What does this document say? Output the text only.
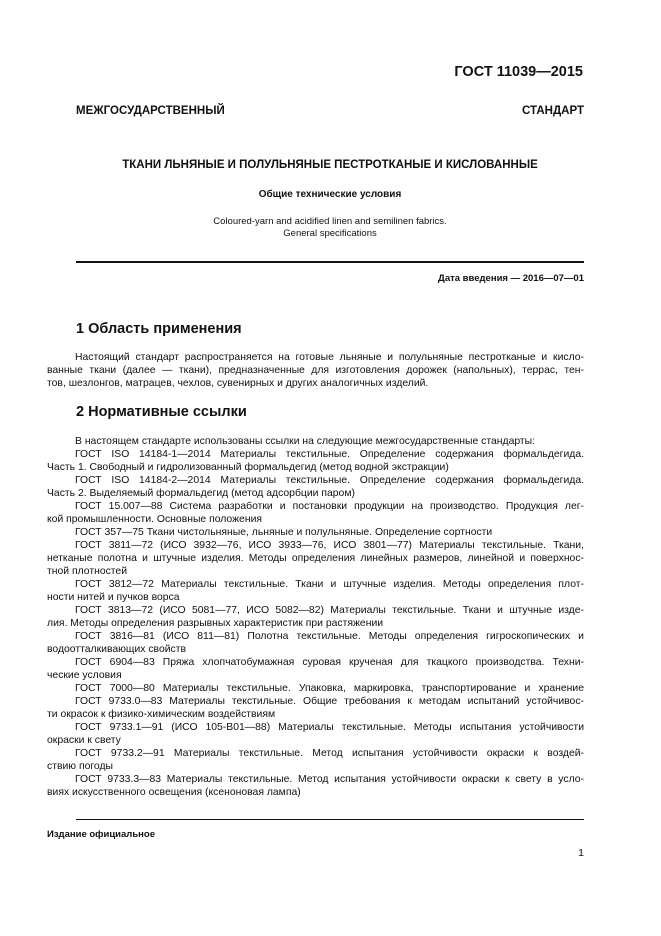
ГОСТ 11039—2015
МЕЖГОСУДАРСТВЕННЫЙ СТАНДАРТ
ТКАНИ ЛЬНЯНЫЕ И ПОЛУЛЬНЯНЫЕ ПЕСТРОТКАНЫЕ И КИСЛОВАННЫЕ
Общие технические условия
Coloured-yarn and acidified linen and semilinen fabrics.
General specifications
Дата введения — 2016—07—01
1 Область применения
Настоящий стандарт распространяется на готовые льняные и полульняные пестротканые и кисло-
ванные ткани (далее — ткани), предназначенные для изготовления дорожек (напольных), террас, тен-
тов, шезлонгов, матрацев, чехлов, сувенирных и других аналогичных изделий.
2 Нормативные ссылки
В настоящем стандарте использованы ссылки на следующие межгосударственные стандарты:
ГОСТ ISO 14184-1—2014 Материалы текстильные. Определение содержания формальдегида.
Часть 1. Свободный и гидролизованный формальдегид (метод водной экстракции)
ГОСТ ISO 14184-2—2014 Материалы текстильные. Определение содержания формальдегида.
Часть 2. Выделяемый формальдегид (метод адсорбции паром)
ГОСТ 15.007—88 Система разработки и постановки продукции на производство. Продукция лег-
кой промышленности. Основные положения
ГОСТ 357—75 Ткани чистольняные, льняные и полульняные. Определение сортности
ГОСТ 3811—72 (ИСО 3932—76, ИСО 3933—76, ИСО 3801—77) Материалы текстильные. Ткани,
нетканые полотна и штучные изделия. Методы определения линейных размеров, линейной и поверхнос-
тной плотностей
ГОСТ 3812—72 Материалы текстильные. Ткани и штучные изделия. Методы определения плот-
ности нитей и пучков ворса
ГОСТ 3813—72 (ИСО 5081—77, ИСО 5082—82) Материалы текстильные. Ткани и штучные изде-
лия. Методы определения разрывных характеристик при растяжении
ГОСТ 3816—81 (ИСО 811—81) Полотна текстильные. Методы определения гигроскопических и
водоотталкивающих свойств
ГОСТ 6904—83 Пряжа хлопчатобумажная суровая крученая для ткацкого производства. Техни-
ческие условия
ГОСТ 7000—80 Материалы текстильные. Упаковка, маркировка, транспортирование и хранение
ГОСТ 9733.0—83 Материалы текстильные. Общие требования к методам испытаний устойчивос-
ти окрасок к физико-химическим воздействиям
ГОСТ 9733.1—91 (ИСО 105-B01—88) Материалы текстильные. Методы испытания устойчивости
окраски к свету
ГОСТ 9733.2—91 Материалы текстильные. Метод испытания устойчивости окраски к воздей-
ствию погоды
ГОСТ 9733.3—83 Материалы текстильные. Метод испытания устойчивости окраски к свету в усло-
виях искусственного освещения (ксеноновая лампа)
Издание официальное
1
